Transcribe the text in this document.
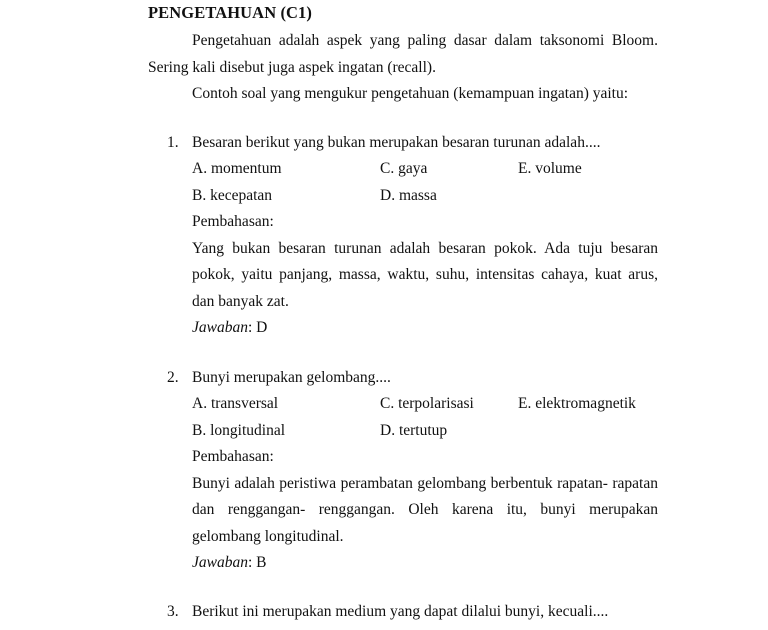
PENGETAHUAN (C1)

Pengetahuan adalah aspek yang paling dasar dalam taksonomi Bloom. Sering kali disebut juga aspek ingatan (recall).

Contoh soal yang mengukur pengetahuan (kemampuan ingatan) yaitu:

1. Besaran berikut yang bukan merupakan besaran turunan adalah....
A. momentum	C. gaya	E. volume
B. kecepatan	D. massa
Pembahasan:

Yang bukan besaran turunan adalah besaran pokok. Ada tuju besaran pokok, yaitu panjang, massa, waktu, suhu, intensitas cahaya, kuat arus, dan banyak zat.

Jawaban: D
2. Bunyi merupakan gelombang....
A. transversal	C. terpolarisasi	E. elektromagnetik
B. longitudinal	D. tertutup
Pembahasan:

Bunyi adalah peristiwa perambatan gelombang berbentuk rapatan- rapatan dan renggangan- renggangan. Oleh karena itu, bunyi merupakan gelombang longitudinal.

Jawaban: B
3. Berikut ini merupakan medium yang dapat dilalui bunyi, kecuali....
